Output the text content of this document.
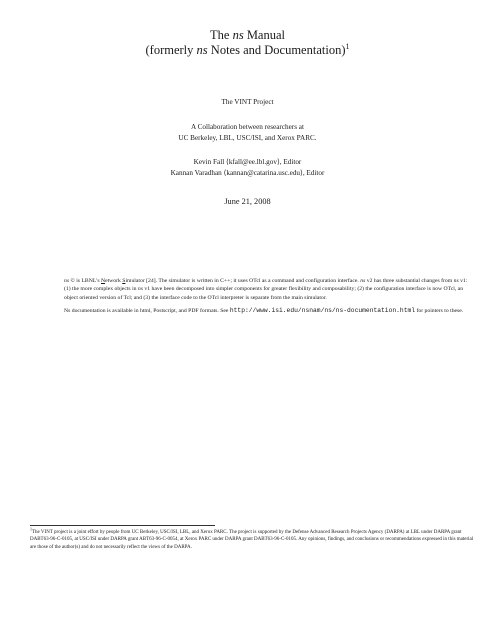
The ns Manual
(formerly ns Notes and Documentation)$^1$
The VINT Project
A Collaboration between researchers at
UC Berkeley, LBL, USC/ISI, and Xerox PARC.
Kevin Fall ⟨kfall@ee.lbl.gov⟩, Editor
Kannan Varadhan ⟨kannan@catarina.usc.edu⟩, Editor
June 21, 2008

ns © is LBNL's Network Simulator [24]. The simulator is written in C++; it uses OTcl as a command and configuration interface. ns v2 has three substantial changes from ns v1: (1) the more complex objects in ns v1 have been decomposed into simpler components for greater flexibility and composability; (2) the configuration interface is now OTcl, an object oriented version of Tcl; and (3) the interface code to the OTcl interpreter is separate from the main simulator.

Ns documentation is available in html, Postscript, and PDF formats. See http://www.isi.edu/nsnam/ns/ns-documentation.html for pointers to these.

$^1$The VINT project is a joint effort by people from UC Berkeley, USC/ISI, LBL, and Xerox PARC. The project is supported by the Defense Advanced Research Projects Agency (DARPA) at LBL under DARPA grant DABT63-96-C-0105, at USC/ISI under DARPA grant ABT63-96-C-0054, at Xerox PARC under DARPA grant DABT63-96-C-0105. Any opinions, findings, and conclusions or recommendations expressed in this material are those of the author(s) and do not necessarily reflect the views of the DARPA.
